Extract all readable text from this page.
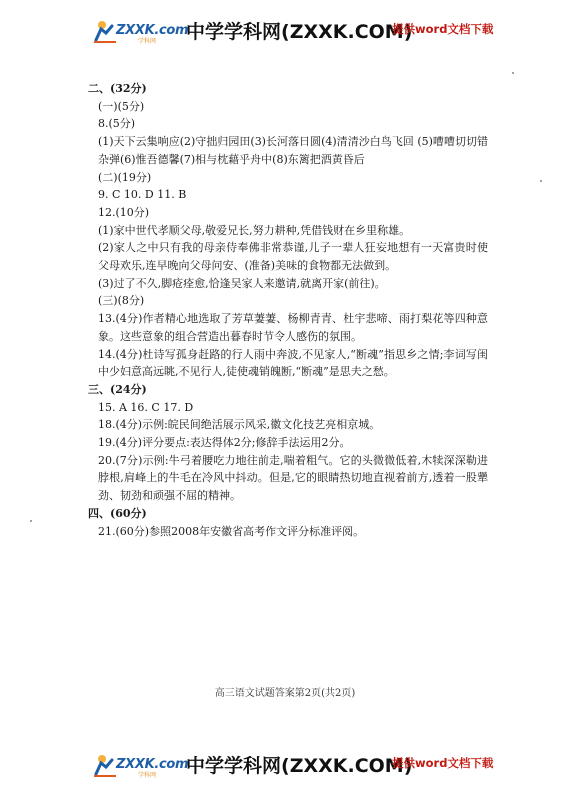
ZXXK.com
学科网 中学学科网(ZXXK.COM)
提供word文档下载

二、(32分)

(一)(5分)

8.(5分)

(1)天下云集响应(2)守拙归园田(3)长河落日圆(4)清清沙白鸟飞回 (5)嘈嘈切切错杂弹(6)惟吾德馨(7)相与枕藉乎舟中(8)东篱把酒黄昏后

(二)(19分)

9. C 10. D 11. B

12.(10分)

(1)家中世代孝顺父母,敬爱兄长,努力耕种,凭借钱财在乡里称雄。

(2)家人之中只有我的母亲侍奉佛非常恭谨,儿子一辈人狂妄地想有一天富贵时使父母欢乐,连早晚向父母问安、(准备)美味的食物都无法做到。

(3)过了不久,脚疮痊愈,恰逢吴家人来邀请,就离开家(前往)。

(三)(8分)

13.(4分)作者精心地选取了芳草萋萋、杨柳青青、杜宇悲啼、雨打梨花等四种意象。这些意象的组合营造出暮春时节令人感伤的氛围。

14.(4分)杜诗写孤身赶路的行人雨中奔波,不见家人,“断魂”指思乡之情;李词写闺中少妇意高远眺,不见行人,徒使魂销魄断,“断魂”是思夫之愁。

三、(24分)

15. A 16. C 17. D

18.(4分)示例:皖民间绝活展示风采,徽文化技艺亮相京城。

19.(4分)评分要点:表达得体2分;修辞手法运用2分。

20.(7分)示例:牛弓着腰吃力地往前走,喘着粗气。它的头微微低着,木犊深深勒进脖根,肩峰上的牛毛在冷风中抖动。但是,它的眼睛热切地直视着前方,透着一股犟劲、韧劲和顽强不屈的精神。

四、(60分)

21.(60分)参照2008年安徽省高考作文评分标准评阅。

高三语文试题答案第2页(共2页)
ZXXK.com
学科网 中学学科网(ZXXK.COM)
提供word文档下载
